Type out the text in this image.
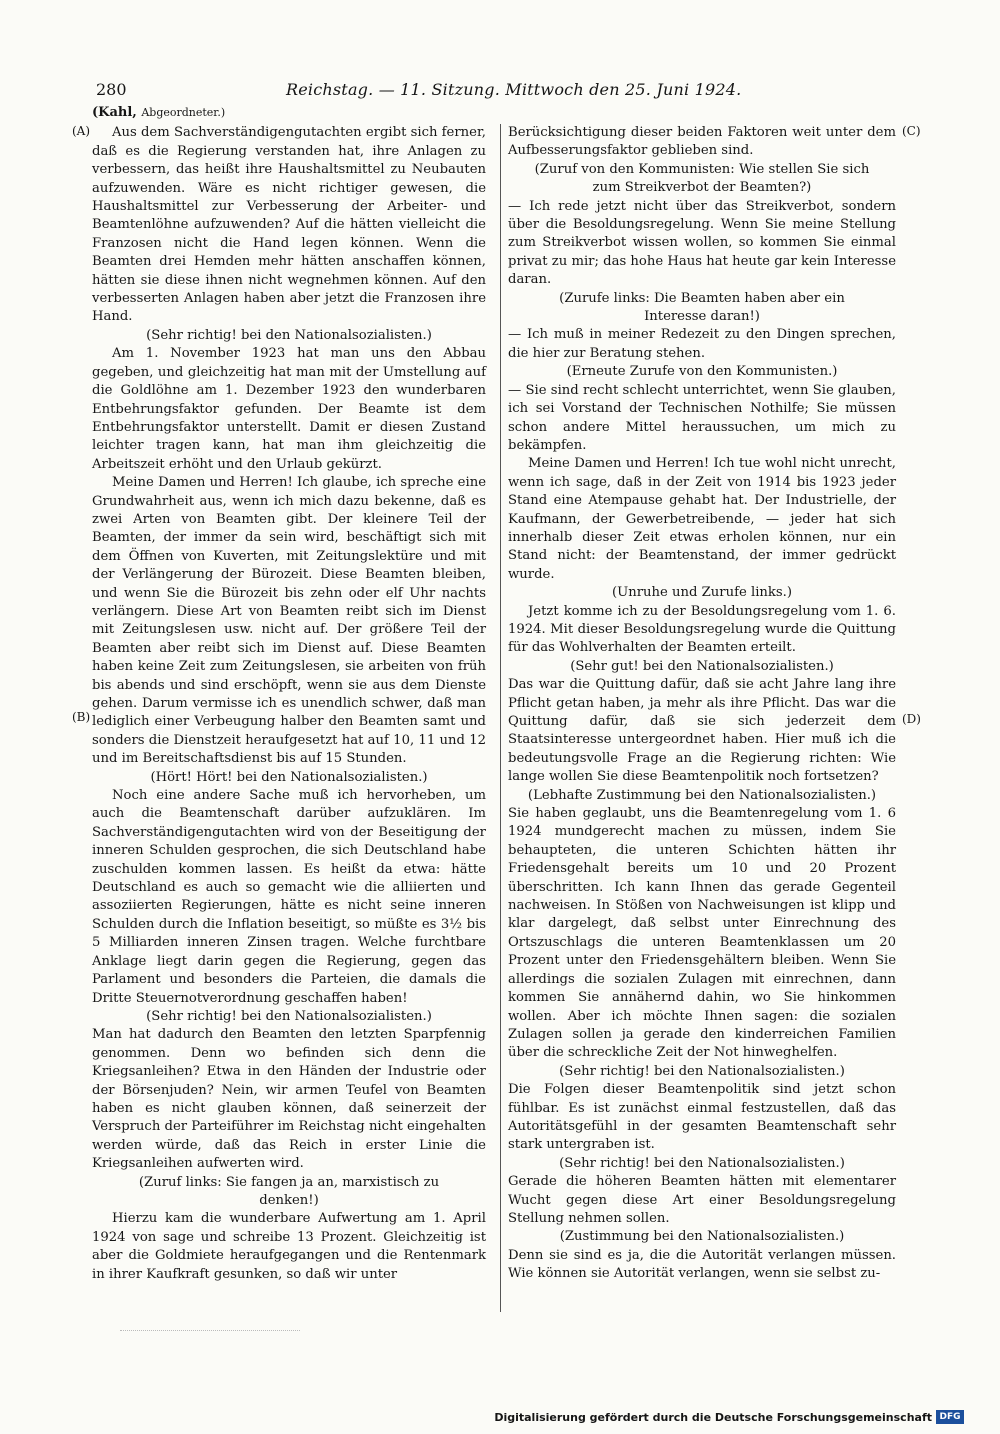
280	Reichstag. — 11. Sitzung. Mittwoch den 25. Juni 1924.
(A)
(B)
(C)
(D)
(Kahl, Abgeordneter.)

Aus dem Sachverständigengutachten ergibt sich ferner, daß es die Regierung verstanden hat, ihre Anlagen zu verbessern, das heißt ihre Haushaltsmittel zu Neubauten aufzuwenden. Wäre es nicht richtiger gewesen, die Haushaltsmittel zur Verbesserung der Arbeiter- und Beamtenlöhne aufzuwenden? Auf die hätten vielleicht die Franzosen nicht die Hand legen können. Wenn die Beamten drei Hemden mehr hätten anschaffen können, hätten sie diese ihnen nicht wegnehmen können. Auf den verbesserten Anlagen haben aber jetzt die Franzosen ihre Hand.

(Sehr richtig! bei den Nationalsozialisten.)

Am 1. November 1923 hat man uns den Abbau gegeben, und gleichzeitig hat man mit der Umstellung auf die Goldlöhne am 1. Dezember 1923 den wunderbaren Entbehrungsfaktor gefunden. Der Beamte ist dem Entbehrungsfaktor unterstellt. Damit er diesen Zustand leichter tragen kann, hat man ihm gleichzeitig die Arbeitszeit erhöht und den Urlaub gekürzt.

Meine Damen und Herren! Ich glaube, ich spreche eine Grundwahrheit aus, wenn ich mich dazu bekenne, daß es zwei Arten von Beamten gibt. Der kleinere Teil der Beamten, der immer da sein wird, beschäftigt sich mit dem Öffnen von Kuverten, mit Zeitungslektüre und mit der Verlängerung der Bürozeit. Diese Beamten bleiben, und wenn Sie die Bürozeit bis zehn oder elf Uhr nachts verlängern. Diese Art von Beamten reibt sich im Dienst mit Zeitungslesen usw. nicht auf. Der größere Teil der Beamten aber reibt sich im Dienst auf. Diese Beamten haben keine Zeit zum Zeitungslesen, sie arbeiten von früh bis abends und sind erschöpft, wenn sie aus dem Dienste gehen. Darum vermisse ich es unendlich schwer, daß man lediglich einer Verbeugung halber den Beamten samt und sonders die Dienstzeit heraufgesetzt hat auf 10, 11 und 12 und im Bereitschaftsdienst bis auf 15 Stunden.

(Hört! Hört! bei den Nationalsozialisten.)

Noch eine andere Sache muß ich hervorheben, um auch die Beamtenschaft darüber aufzuklären. Im Sachverständigengutachten wird von der Beseitigung der inneren Schulden gesprochen, die sich Deutschland habe zuschulden kommen lassen. Es heißt da etwa: hätte Deutschland es auch so gemacht wie die alliierten und assoziierten Regierungen, hätte es nicht seine inneren Schulden durch die Inflation beseitigt, so müßte es 3½ bis 5 Milliarden inneren Zinsen tragen. Welche furchtbare Anklage liegt darin gegen die Regierung, gegen das Parlament und besonders die Parteien, die damals die Dritte Steuernotverordnung geschaffen haben!

(Sehr richtig! bei den Nationalsozialisten.)

Man hat dadurch den Beamten den letzten Sparpfennig genommen. Denn wo befinden sich denn die Kriegsanleihen? Etwa in den Händen der Industrie oder der Börsenjuden? Nein, wir armen Teufel von Beamten haben es nicht glauben können, daß seinerzeit der Verspruch der Parteiführer im Reichstag nicht eingehalten werden würde, daß das Reich in erster Linie die Kriegsanleihen aufwerten wird.

(Zuruf links: Sie fangen ja an, marxistisch zu denken!)

Hierzu kam die wunderbare Aufwertung am 1. April 1924 von sage und schreibe 13 Prozent. Gleichzeitig ist aber die Goldmiete heraufgegangen und die Rentenmark in ihrer Kaufkraft gesunken, so daß wir unter

Berücksichtigung dieser beiden Faktoren weit unter dem Aufbesserungsfaktor geblieben sind.

(Zuruf von den Kommunisten: Wie stellen Sie sich zum Streikverbot der Beamten?)

— Ich rede jetzt nicht über das Streikverbot, sondern über die Besoldungsregelung. Wenn Sie meine Stellung zum Streikverbot wissen wollen, so kommen Sie einmal privat zu mir; das hohe Haus hat heute gar kein Interesse daran.

(Zurufe links: Die Beamten haben aber ein Interesse daran!)

— Ich muß in meiner Redezeit zu den Dingen sprechen, die hier zur Beratung stehen.

(Erneute Zurufe von den Kommunisten.)

— Sie sind recht schlecht unterrichtet, wenn Sie glauben, ich sei Vorstand der Technischen Nothilfe; Sie müssen schon andere Mittel heraussuchen, um mich zu bekämpfen.

Meine Damen und Herren! Ich tue wohl nicht unrecht, wenn ich sage, daß in der Zeit von 1914 bis 1923 jeder Stand eine Atempause gehabt hat. Der Industrielle, der Kaufmann, der Gewerbetreibende, — jeder hat sich innerhalb dieser Zeit etwas erholen können, nur ein Stand nicht: der Beamtenstand, der immer gedrückt wurde.

(Unruhe und Zurufe links.)

Jetzt komme ich zu der Besoldungsregelung vom 1. 6. 1924. Mit dieser Besoldungsregelung wurde die Quittung für das Wohlverhalten der Beamten erteilt.

(Sehr gut! bei den Nationalsozialisten.)

Das war die Quittung dafür, daß sie acht Jahre lang ihre Pflicht getan haben, ja mehr als ihre Pflicht. Das war die Quittung dafür, daß sie sich jederzeit dem Staatsinteresse untergeordnet haben. Hier muß ich die bedeutungsvolle Frage an die Regierung richten: Wie lange wollen Sie diese Beamtenpolitik noch fortsetzen?

(Lebhafte Zustimmung bei den Nationalsozialisten.)

Sie haben geglaubt, uns die Beamtenregelung vom 1. 6 1924 mundgerecht machen zu müssen, indem Sie behaupteten, die unteren Schichten hätten ihr Friedensgehalt bereits um 10 und 20 Prozent überschritten. Ich kann Ihnen das gerade Gegenteil nachweisen. In Stößen von Nachweisungen ist klipp und klar dargelegt, daß selbst unter Einrechnung des Ortszuschlags die unteren Beamtenklassen um 20 Prozent unter den Friedensgehältern bleiben. Wenn Sie allerdings die sozialen Zulagen mit einrechnen, dann kommen Sie annähernd dahin, wo Sie hinkommen wollen. Aber ich möchte Ihnen sagen: die sozialen Zulagen sollen ja gerade den kinderreichen Familien über die schreckliche Zeit der Not hinweghelfen.

(Sehr richtig! bei den Nationalsozialisten.)

Die Folgen dieser Beamtenpolitik sind jetzt schon fühlbar. Es ist zunächst einmal festzustellen, daß das Autoritätsgefühl in der gesamten Beamtenschaft sehr stark untergraben ist.

(Sehr richtig! bei den Nationalsozialisten.)

Gerade die höheren Beamten hätten mit elementarer Wucht gegen diese Art einer Besoldungsregelung Stellung nehmen sollen.

(Zustimmung bei den Nationalsozialisten.)

Denn sie sind es ja, die die Autorität verlangen müssen. Wie können sie Autorität verlangen, wenn sie selbst zu-

Digitalisierung gefördert durch die Deutsche Forschungsgemeinschaft DFG
